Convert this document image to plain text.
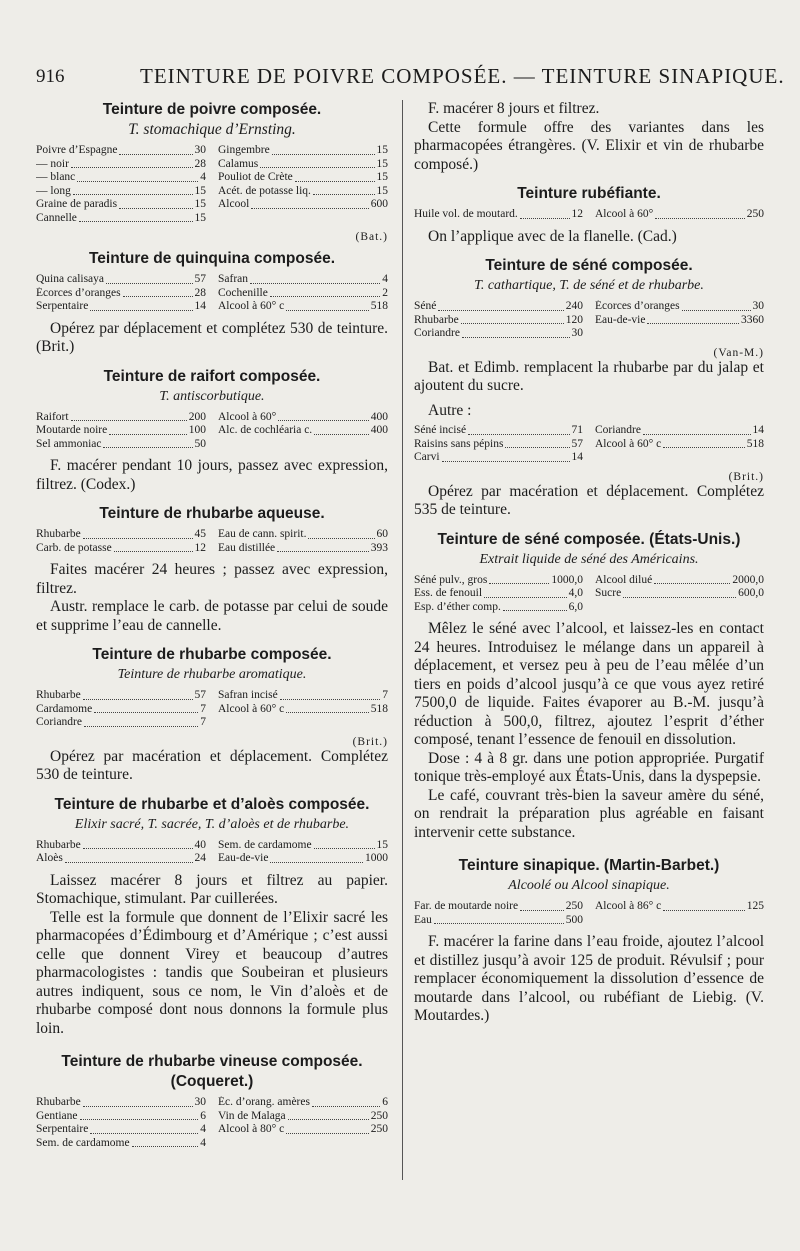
916	TEINTURE DE POIVRE COMPOSÉE. — TEINTURE SINAPIQUE.
Teinture de poivre composée.

T. stomachique d’Ernsting.

Poivre d’Espagne	30 Gingembre	15
— noir	28 Calamus	15
— blanc	4 Pouliot de Crète	15
— long	15 Acét. de potasse liq.	15
Graine de paradis	15 Alcool	600
Cannelle	15
(Bat.)
Teinture de quinquina composée.
Quina calisaya	57 Safran	4
Écorces d’oranges	28 Cochenille	2
Serpentaire	14 Alcool à 60° c	518

Opérez par déplacement et complétez 530 de teinture. (Brit.)

Teinture de raifort composée.

T. antiscorbutique.

Raifort	200 Alcool à 60°	400
Moutarde noire	100 Alc. de cochléaria c.	400
Sel ammoniac	50

F. macérer pendant 10 jours, passez avec expression, filtrez. (Codex.)

Teinture de rhubarbe aqueuse.
Rhubarbe	45 Eau de cann. spirit.	60
Carb. de potasse	12 Eau distillée	393

Faites macérer 24 heures ; passez avec expression, filtrez.

Austr. remplace le carb. de potasse par celui de soude et supprime l’eau de cannelle.

Teinture de rhubarbe composée.

Teinture de rhubarbe aromatique.

Rhubarbe	57 Safran incisé	7
Cardamome	7 Alcool à 60° c	518
Coriandre	7
(Brit.)

Opérez par macération et déplacement. Complétez 530 de teinture.

Teinture de rhubarbe et d’aloès composée.

Elixir sacré, T. sacrée, T. d’aloès et de rhubarbe.

Rhubarbe	40 Sem. de cardamome	15
Aloès	24 Eau-de-vie	1000

Laissez macérer 8 jours et filtrez au papier. Stomachique, stimulant. Par cuillerées.

Telle est la formule que donnent de l’Elixir sacré les pharmacopées d’Édimbourg et d’Amérique ; c’est aussi celle que donnent Virey et beaucoup d’autres pharmacologistes : tandis que Soubeiran et plusieurs autres indiquent, sous ce nom, le Vin d’aloès et de rhubarbe composé dont nous donnons la formule plus loin.

Teinture de rhubarbe vineuse composée. (Coqueret.)
Rhubarbe	30 Éc. d’orang. amères	6
Gentiane	6 Vin de Malaga	250
Serpentaire	4 Alcool à 80° c	250
Sem. de cardamome	4

F. macérer 8 jours et filtrez.

Cette formule offre des variantes dans les pharmacopées étrangères. (V. Elixir et vin de rhubarbe composé.)

Teinture rubéfiante.
Huile vol. de moutard.	12 Alcool à 60°	250

On l’applique avec de la flanelle. (Cad.)

Teinture de séné composée.

T. cathartique, T. de séné et de rhubarbe.

Séné	240 Écorces d’oranges	30
Rhubarbe	120 Eau-de-vie	3360
Coriandre	30
(Van-M.)

Bat. et Edimb. remplacent la rhubarbe par du jalap et ajoutent du sucre.

Autre :

Séné incisé	71 Coriandre	14
Raisins sans pépins	57 Alcool à 60° c	518
Carvi	14
(Brit.)

Opérez par macération et déplacement. Complétez 535 de teinture.

Teinture de séné composée. (États-Unis.)

Extrait liquide de séné des Américains.

Séné pulv., gros	1000,0 Alcool dilué	2000,0
Ess. de fenouil	4,0 Sucre	600,0
Esp. d’éther comp.	6,0

Mêlez le séné avec l’alcool, et laissez-les en contact 24 heures. Introduisez le mélange dans un appareil à déplacement, et versez peu à peu de l’eau mêlée d’un tiers en poids d’alcool jusqu’à ce que vous ayez retiré 7500,0 de liquide. Faites évaporer au B.-M. jusqu’à réduction à 500,0, filtrez, ajoutez l’esprit d’éther composé, tenant l’essence de fenouil en dissolution.

Dose : 4 à 8 gr. dans une potion appropriée. Purgatif tonique très-employé aux États-Unis, dans la dyspepsie.

Le café, couvrant très-bien la saveur amère du séné, on rendrait la préparation plus agréable en faisant intervenir cette substance.

Teinture sinapique. (Martin-Barbet.)

Alcoolé ou Alcool sinapique.

Far. de moutarde noire	250 Alcool à 86° c	125
Eau	500

F. macérer la farine dans l’eau froide, ajoutez l’alcool et distillez jusqu’à avoir 125 de produit. Révulsif ; pour remplacer économiquement la dissolution d’essence de moutarde dans l’alcool, ou rubéfiant de Liebig. (V. Moutardes.)
